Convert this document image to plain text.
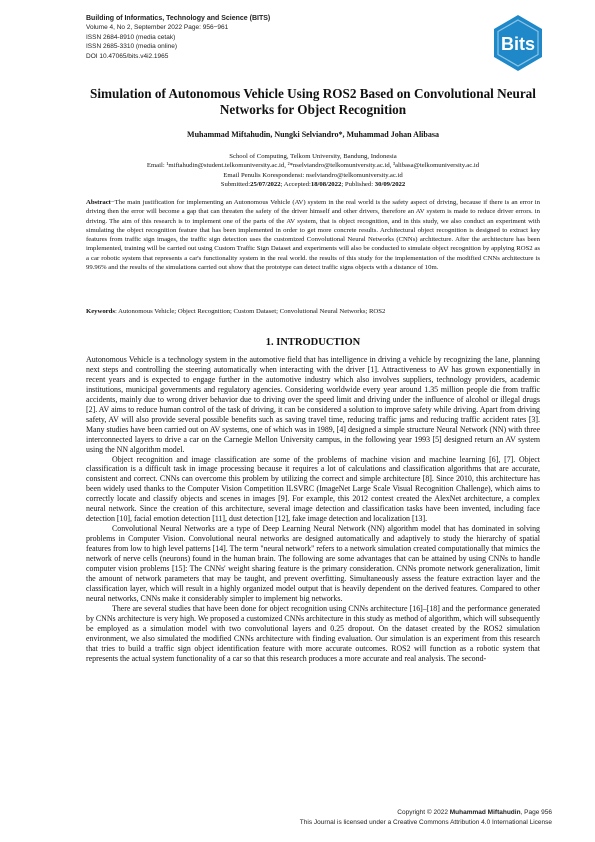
Building of Informatics, Technology and Science (BITS)
Volume 4, No 2, September 2022 Page: 956−961
ISSN 2684-8910 (media cetak)
ISSN 2685-3310 (media online)
DOI 10.47065/bits.v4i2.1965
Bits
Simulation of Autonomous Vehicle Using ROS2 Based on Convolutional Neural Networks for Object Recognition
Muhammad Miftahudin, Nungki Selviandro*, Muhammad Johan Alibasa
School of Computing, Telkom University, Bandung, Indonesia
Email: ¹miftahudin@student.telkomuniversity.ac.id, ²*nselviandro@telkomuniversity.ac.id, ³alibasa@telkomuniversity.ac.id
Email Penulis Korespondensi: nselviandro@telkomuniversity.ac.id
Submitted:25/07/2022; Accepted:18/08/2022; Published: 30/09/2022
Abstract−The main justification for implementing an Autonomous Vehicle (AV) system in the real world is the safety aspect of driving, because if there is an error in driving then the error will become a gap that can threaten the safety of the driver himself and other drivers, therefore an AV system is made to reduce driver errors. in driving. The aim of this research is to implement one of the parts of the AV system, that is object recognition, and in this study, we also conduct an experiment with simulating the object recognition feature that has been implemented in order to get more concrete results. Architectural object recognition is designed to extract key features from traffic sign images, the traffic sign detection uses the customized Convolutional Neural Networks (CNNs) architecture. After the architecture has been implemented, training will be carried out using Custom Traffic Sign Dataset and experiments will also be conducted to simulate object recognition by applying ROS2 as a car robotic system that represents a car's functionality system in the real world. the results of this study for the implementation of the modified CNNs architecture is 99.96% and the results of the simulations carried out show that the prototype can detect traffic signs objects with a distance of 10m.
Keywords: Autonomous Vehicle; Object Recognition; Custom Dataset; Convolutional Neural Networks; ROS2
1. INTRODUCTION

Autonomous Vehicle is a technology system in the automotive field that has intelligence in driving a vehicle by recognizing the lane, planning next steps and controlling the steering automatically when interacting with the driver [1]. Attractiveness to AV has grown exponentially in recent years and is expected to engage further in the automotive industry which also involves suppliers, technology providers, academic institutions, municipal governments and regulatory agencies. Considering worldwide every year around 1.35 million people die from traffic accidents, mainly due to wrong driver behavior due to driving over the speed limit and driving under the influence of alcohol or illegal drugs [2]. AV aims to reduce human control of the task of driving, it can be considered a solution to improve safety while driving. Apart from driving safety, AV will also provide several possible benefits such as saving travel time, reducing traffic jams and reducing traffic accident rates [3]. Many studies have been carried out on AV systems, one of which was in 1989, [4] designed a simple structure Neural Network (NN) with three interconnected layers to drive a car on the Carnegie Mellon University campus, in the following year 1993 [5] designed return an AV system using the NN algorithm model.

Object recognition and image classification are some of the problems of machine vision and machine learning [6], [7]. Object classification is a difficult task in image processing because it requires a lot of calculations and classification algorithms that are accurate, consistent and correct. CNNs can overcome this problem by utilizing the correct and simple architecture [8]. Since 2010, this architecture has been widely used thanks to the Computer Vision Competition ILSVRC (ImageNet Large Scale Visual Recognition Challenge), which aims to correctly locate and classify objects and scenes in images [9]. For example, this 2012 contest created the AlexNet architecture, a complex neural network. Since the creation of this architecture, several image detection and classification tasks have been invented, including face detection [10], facial emotion detection [11], dust detection [12], fake image detection and localization [13].

Convolutional Neural Networks are a type of Deep Learning Neural Network (NN) algorithm model that has dominated in solving problems in Computer Vision. Convolutional neural networks are designed automatically and adaptively to study the hierarchy of spatial features from low to high level patterns [14]. The term "neural network" refers to a network simulation created computationally that mimics the network of nerve cells (neurons) found in the human brain. The following are some advantages that can be attained by using CNNs to handle computer vision problems [15]: The CNNs' weight sharing feature is the primary consideration. CNNs promote network generalization, limit the amount of network parameters that may be taught, and prevent overfitting. Simultaneously assess the feature extraction layer and the classification layer, which will result in a highly organized model output that is heavily dependent on the derived features. Compared to other neural networks, CNNs make it considerably simpler to implement big networks.

There are several studies that have been done for object recognition using CNNs architecture [16]–[18] and the performance generated by CNNs architecture is very high. We proposed a customized CNNs architecture in this study as method of algorithm, which will subsequently be employed as a simulation model with two convolutional layers and 0.25 dropout. On the dataset created by the ROS2 simulation environment, we also simulated the modified CNNs architecture with finding evaluation. Our simulation is an experiment from this research that tries to build a traffic sign object identification feature with more accurate outcomes. ROS2 will function as a robotic system that represents the actual system functionality of a car so that this research produces a more accurate and real analysis. The second-

Copyright © 2022 Muhammad Miftahudin, Page 956
This Journal is licensed under a Creative Commons Attribution 4.0 International License
